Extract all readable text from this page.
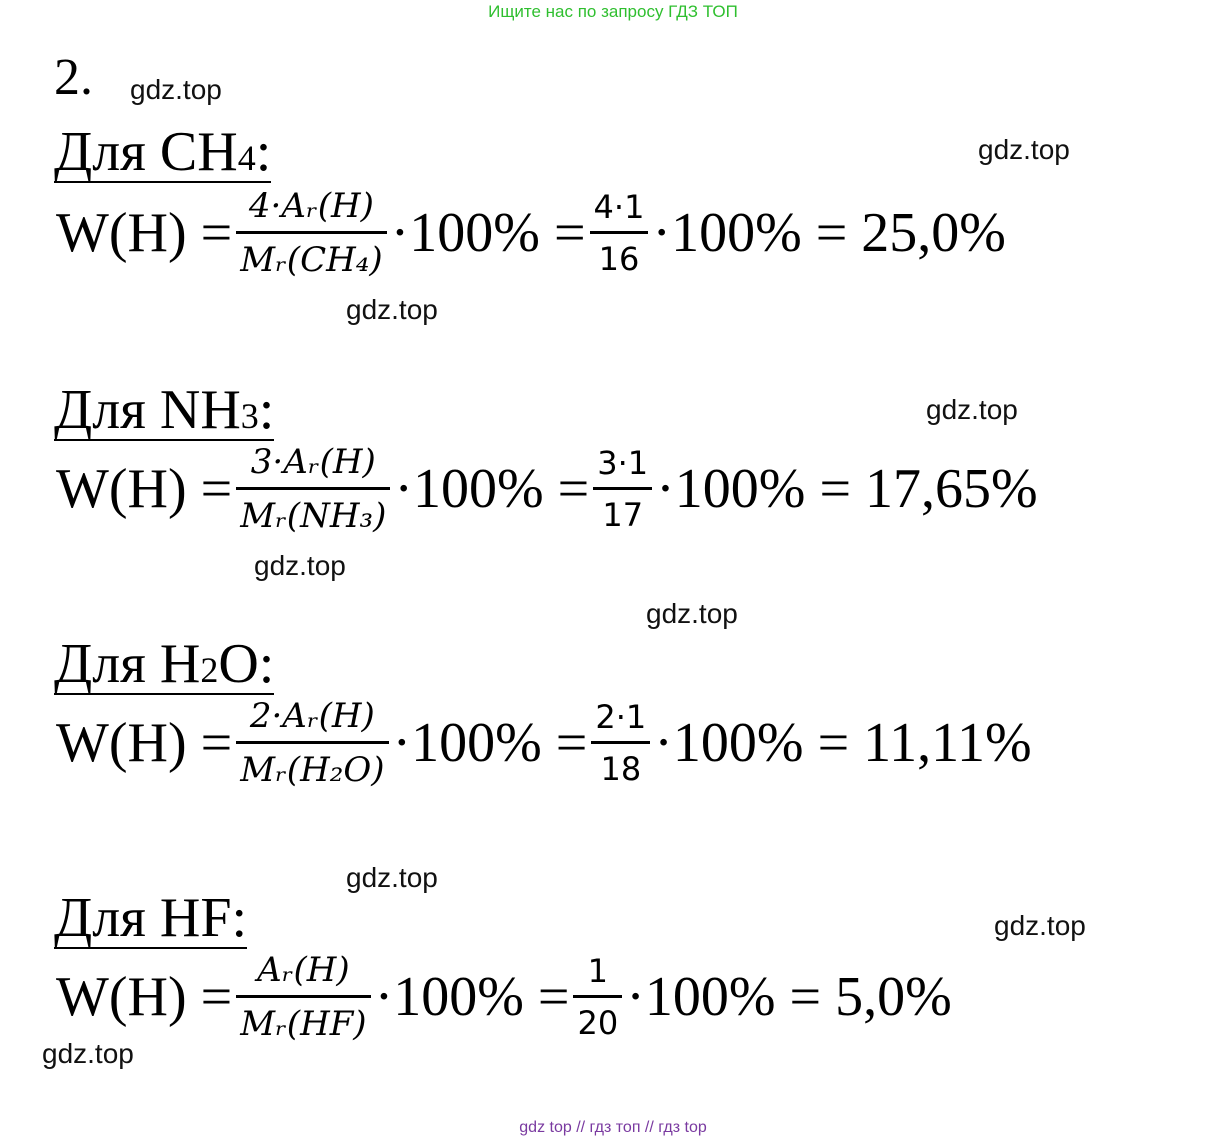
Ищите нас по запросу ГДЗ ТОП
2. gdz.top
gdz.top
gdz.top
gdz.top
gdz.top
gdz.top
gdz.top
gdz.top
gdz.top
Для CH4:
$W(H) = \frac{\text{4·Aᵣ(H)}}{\text{Mᵣ(CH₄)}} \cdot 100\% = \frac{4\cdot 1}{16} \cdot 100\% = 25,0\%$
Для NH3:
$W(H) = \frac{\text{3·Aᵣ(H)}}{\text{Mᵣ(NH₃)}} \cdot 100\% = \frac{3\cdot 1}{17} \cdot 100\% = 17,65\%$
Для H2O:
$W(H) = \frac{\text{2·Aᵣ(H)}}{\text{Mᵣ(H₂O)}} \cdot 100\% = \frac{2\cdot 1}{18} \cdot 100\% = 11,11\%$
Для HF:
$W(H) = \frac{\text{Aᵣ(H)}}{\text{Mᵣ(HF)}} \cdot 100\% = \frac{1}{20} \cdot 100\% = 5,0\%$
gdz top // гдз топ // гдз top
